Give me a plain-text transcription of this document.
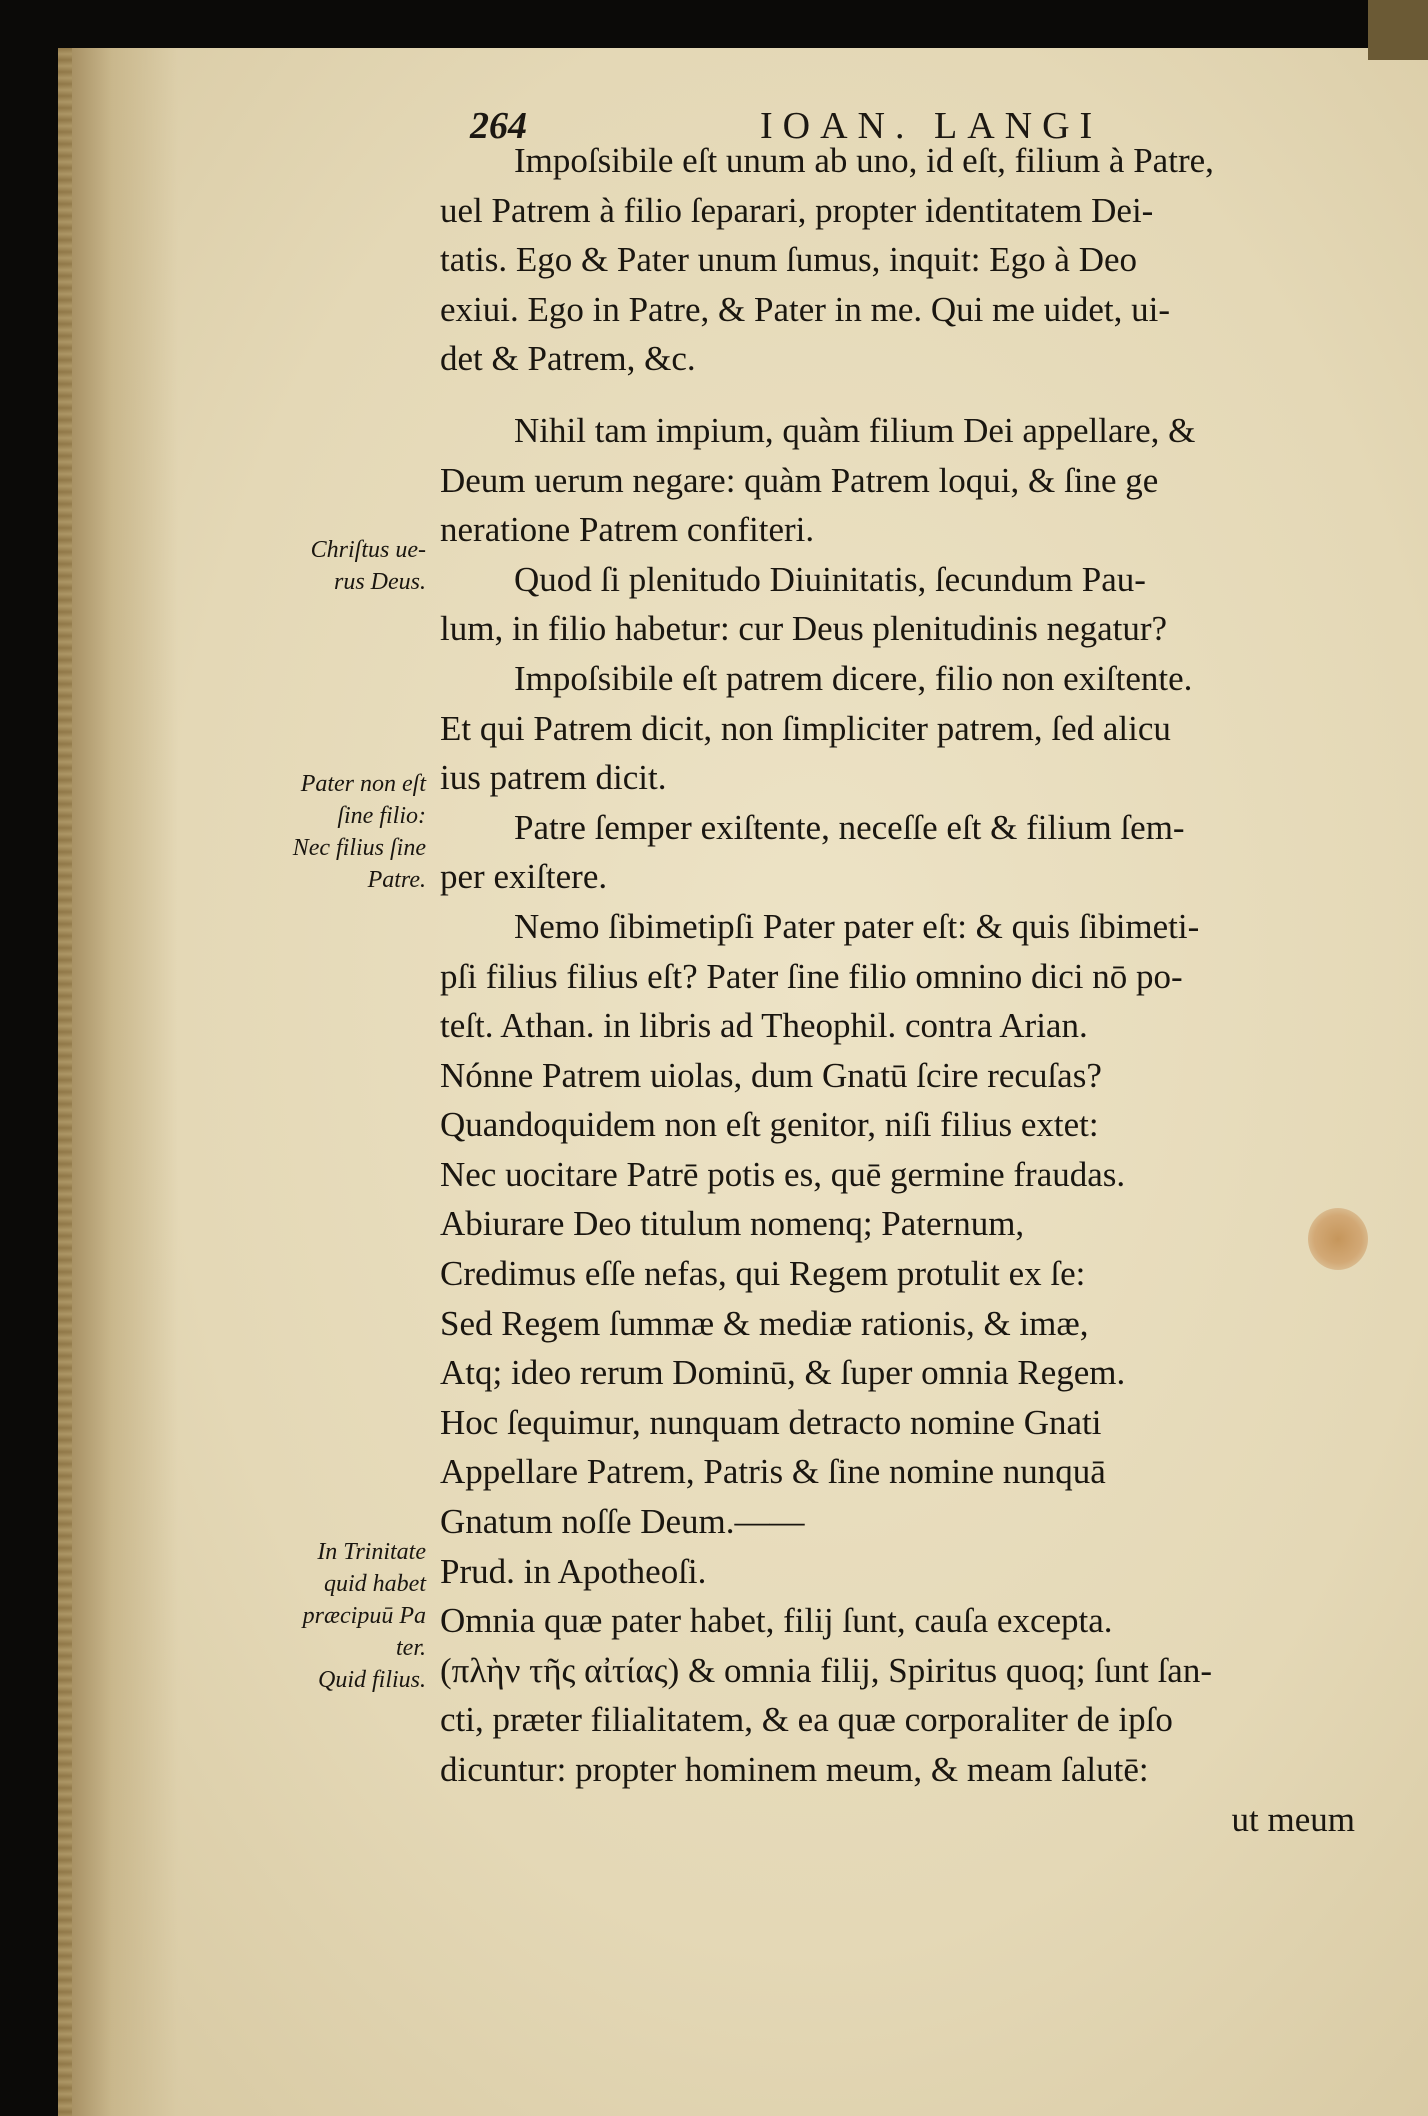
264	IOAN. LANGI
Impoſsibile eſt unum ab uno, id eſt, filium à Patre,
uel Patrem à filio ſeparari, propter identitatem Dei-
tatis. Ego & Pater unum ſumus, inquit: Ego à Deo
exiui. Ego in Patre, & Pater in me. Qui me uidet, ui-
det & Patrem, &c.
Nihil tam impium, quàm filium Dei appellare, &
Deum uerum negare: quàm Patrem loqui, & ſine ge
neratione Patrem confiteri.
Quod ſi plenitudo Diuinitatis, ſecundum Pau-
lum, in filio habetur: cur Deus plenitudinis negatur?
Impoſsibile eſt patrem dicere, filio non exiſtente.
Et qui Patrem dicit, non ſimpliciter patrem, ſed alicu
ius patrem dicit.
Patre ſemper exiſtente, neceſſe eſt & filium ſem-
per exiſtere.
Nemo ſibimetipſi Pater pater eſt: & quis ſibimeti-
pſi filius filius eſt? Pater ſine filio omnino dici nō po-
teſt. Athan. in libris ad Theophil. contra Arian.
Nónne Patrem uiolas, dum Gnatū ſcire recuſas?
Quandoquidem non eſt genitor, niſi filius extet:
Nec uocitare Patrē potis es, quē germine fraudas.
Abiurare Deo titulum nomenq; Paternum,
Credimus eſſe nefas, qui Regem protulit ex ſe:
Sed Regem ſummæ & mediæ rationis, & imæ,
Atq; ideo rerum Dominū, & ſuper omnia Regem.
Hoc ſequimur, nunquam detracto nomine Gnati
Appellare Patrem, Patris & ſine nomine nunquā
Gnatum noſſe Deum.——
Prud. in Apotheoſi.
Omnia quæ pater habet, filij ſunt, cauſa excepta.
(πλὴν τῆς αἰτίας) & omnia filij, Spiritus quoq; ſunt ſan-
cti, præter filialitatem, & ea quæ corporaliter de ipſo
dicuntur: propter hominem meum, & meam ſalutē:
ut meum
Chriſtus ue-
rus Deus.
Pater non eſt
ſine filio:
Nec filius ſine
Patre.
In Trinitate
quid habet
præcipuū Pa
ter.
Quid filius.
